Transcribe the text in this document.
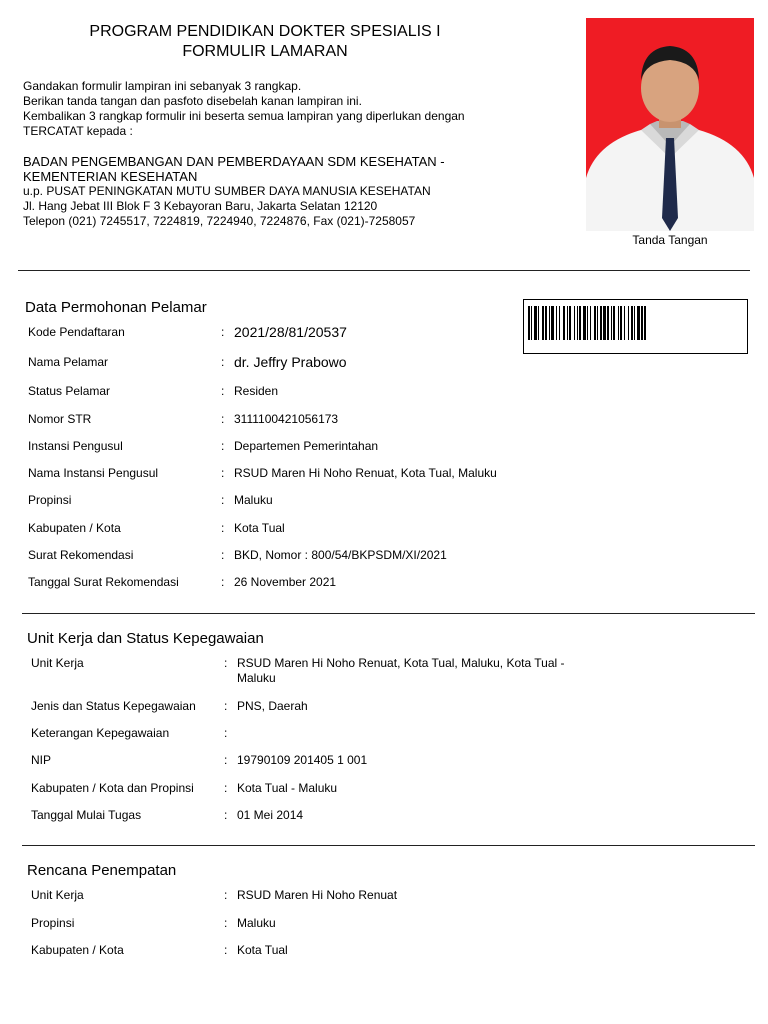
PROGRAM PENDIDIKAN DOKTER SPESIALIS I
FORMULIR LAMARAN
Gandakan formulir lampiran ini sebanyak 3 rangkap.
Berikan tanda tangan dan pasfoto disebelah kanan lampiran ini.
Kembalikan 3 rangkap formulir ini beserta semua lampiran yang diperlukan dengan
TERCATAT kepada :
BADAN PENGEMBANGAN DAN PEMBERDAYAAN SDM KESEHATAN -
KEMENTERIAN KESEHATAN
u.p. PUSAT PENINGKATAN MUTU SUMBER DAYA MANUSIA KESEHATAN
Jl. Hang Jebat III Blok F 3 Kebayoran Baru, Jakarta Selatan 12120
Telepon (021) 7245517, 7224819, 7224940, 7224876, Fax (021)-7258057
Tanda Tangan
Data Permohonan Pelamar
Kode Pendaftaran	: 2021/28/81/20537
Nama Pelamar	: dr. Jeffry Prabowo
Status Pelamar	: Residen
Nomor STR	: 3111100421056173
Instansi Pengusul	: Departemen Pemerintahan
Nama Instansi Pengusul	: RSUD Maren Hi Noho Renuat, Kota Tual, Maluku
Propinsi	: Maluku
Kabupaten / Kota	: Kota Tual
Surat Rekomendasi	: BKD, Nomor : 800/54/BKPSDM/XI/2021
Tanggal Surat Rekomendasi	: 26 November 2021
Unit Kerja dan Status Kepegawaian
Unit Kerja	: RSUD Maren Hi Noho Renuat, Kota Tual, Maluku, Kota Tual -
Maluku
Jenis dan Status Kepegawaian	: PNS, Daerah
Keterangan Kepegawaian	:
NIP	: 19790109 201405 1 001
Kabupaten / Kota dan Propinsi	: Kota Tual - Maluku
Tanggal Mulai Tugas	: 01 Mei 2014
Rencana Penempatan
Unit Kerja	: RSUD Maren Hi Noho Renuat
Propinsi	: Maluku
Kabupaten / Kota	: Kota Tual
